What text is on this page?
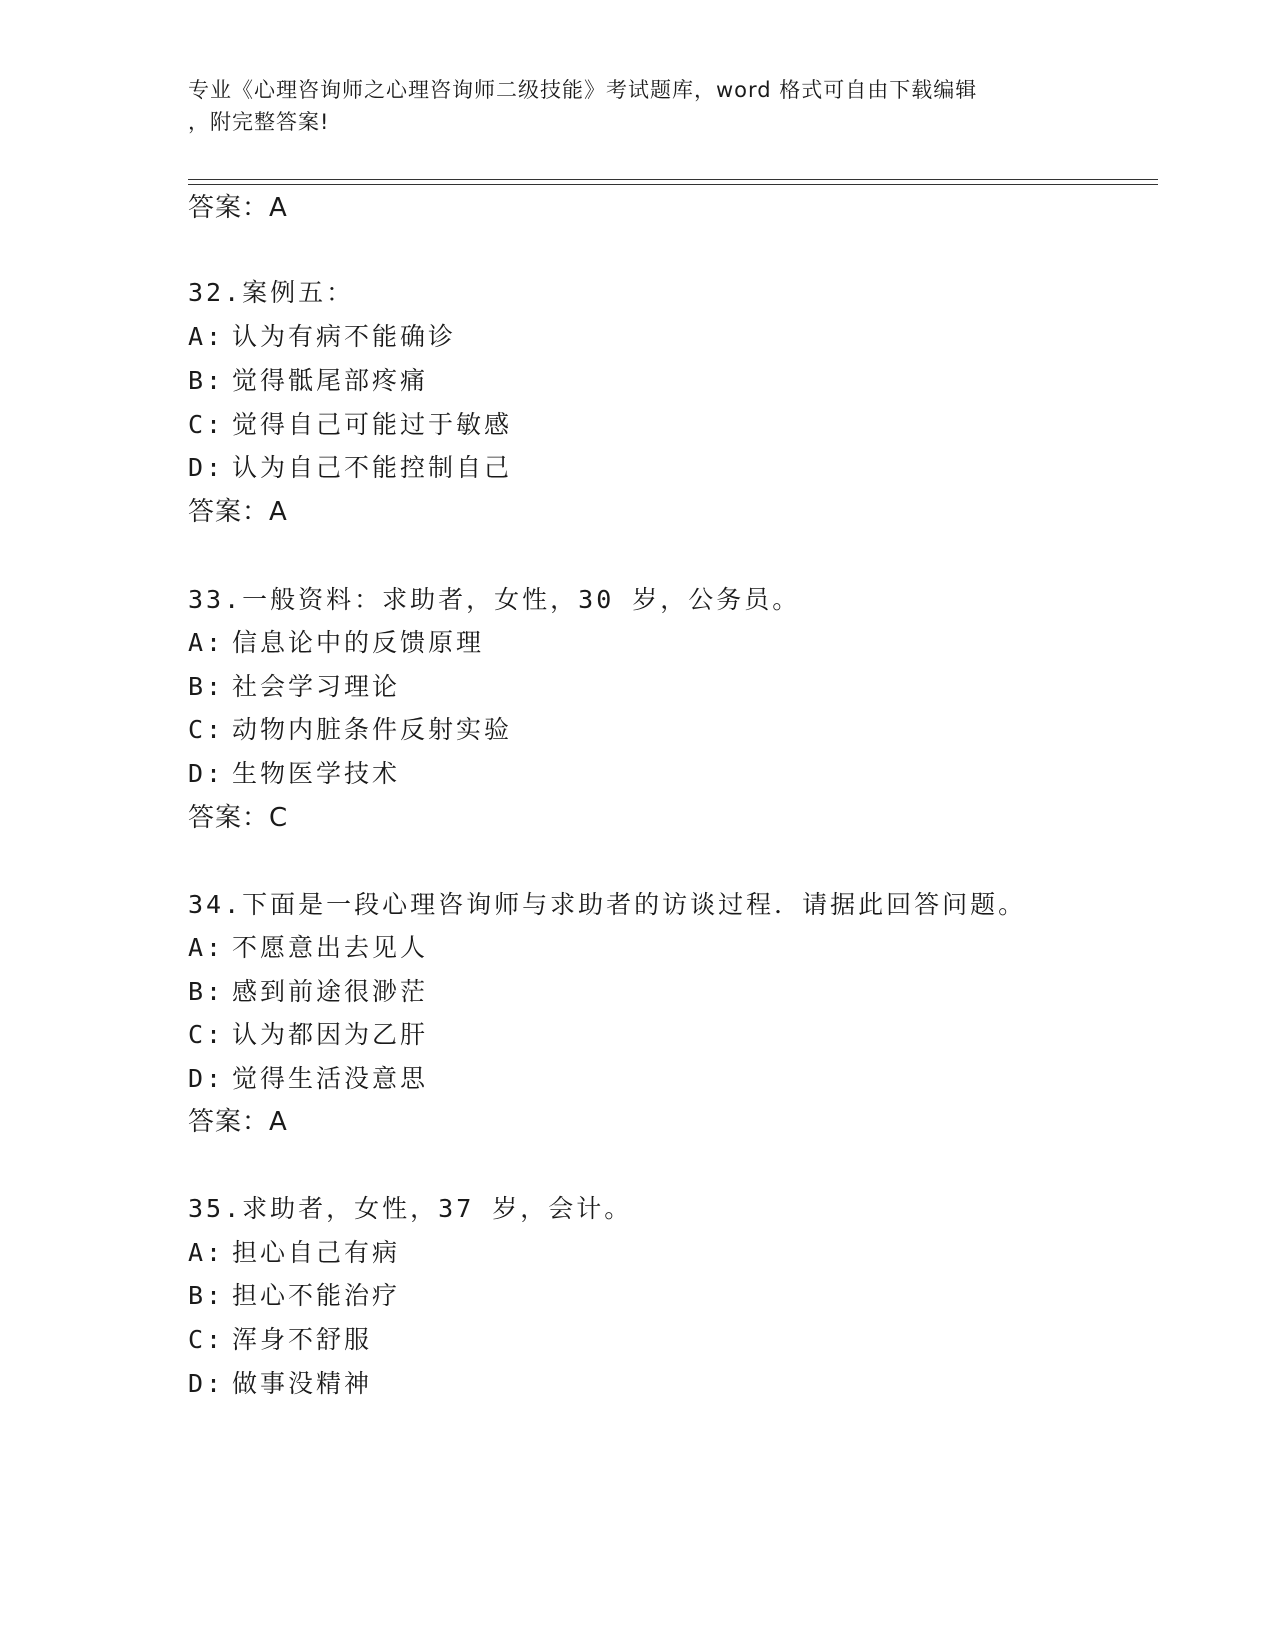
专业《心理咨询师之心理咨询师二级技能》考试题库，word 格式可自由下载编辑
，附完整答案!
答案：A
32.案例五：
A: 认为有病不能确诊
B: 觉得骶尾部疼痛
C: 觉得自己可能过于敏感
D: 认为自己不能控制自己
答案：A
33.一般资料：求助者，女性，30 岁，公务员。
A: 信息论中的反馈原理
B: 社会学习理论
C: 动物内脏条件反射实验
D: 生物医学技术
答案：C
34.下面是一段心理咨询师与求助者的访谈过程．请据此回答问题。
A: 不愿意出去见人
B: 感到前途很渺茫
C: 认为都因为乙肝
D: 觉得生活没意思
答案：A
35.求助者，女性，37 岁，会计。
A: 担心自己有病
B: 担心不能治疗
C: 浑身不舒服
D: 做事没精神
